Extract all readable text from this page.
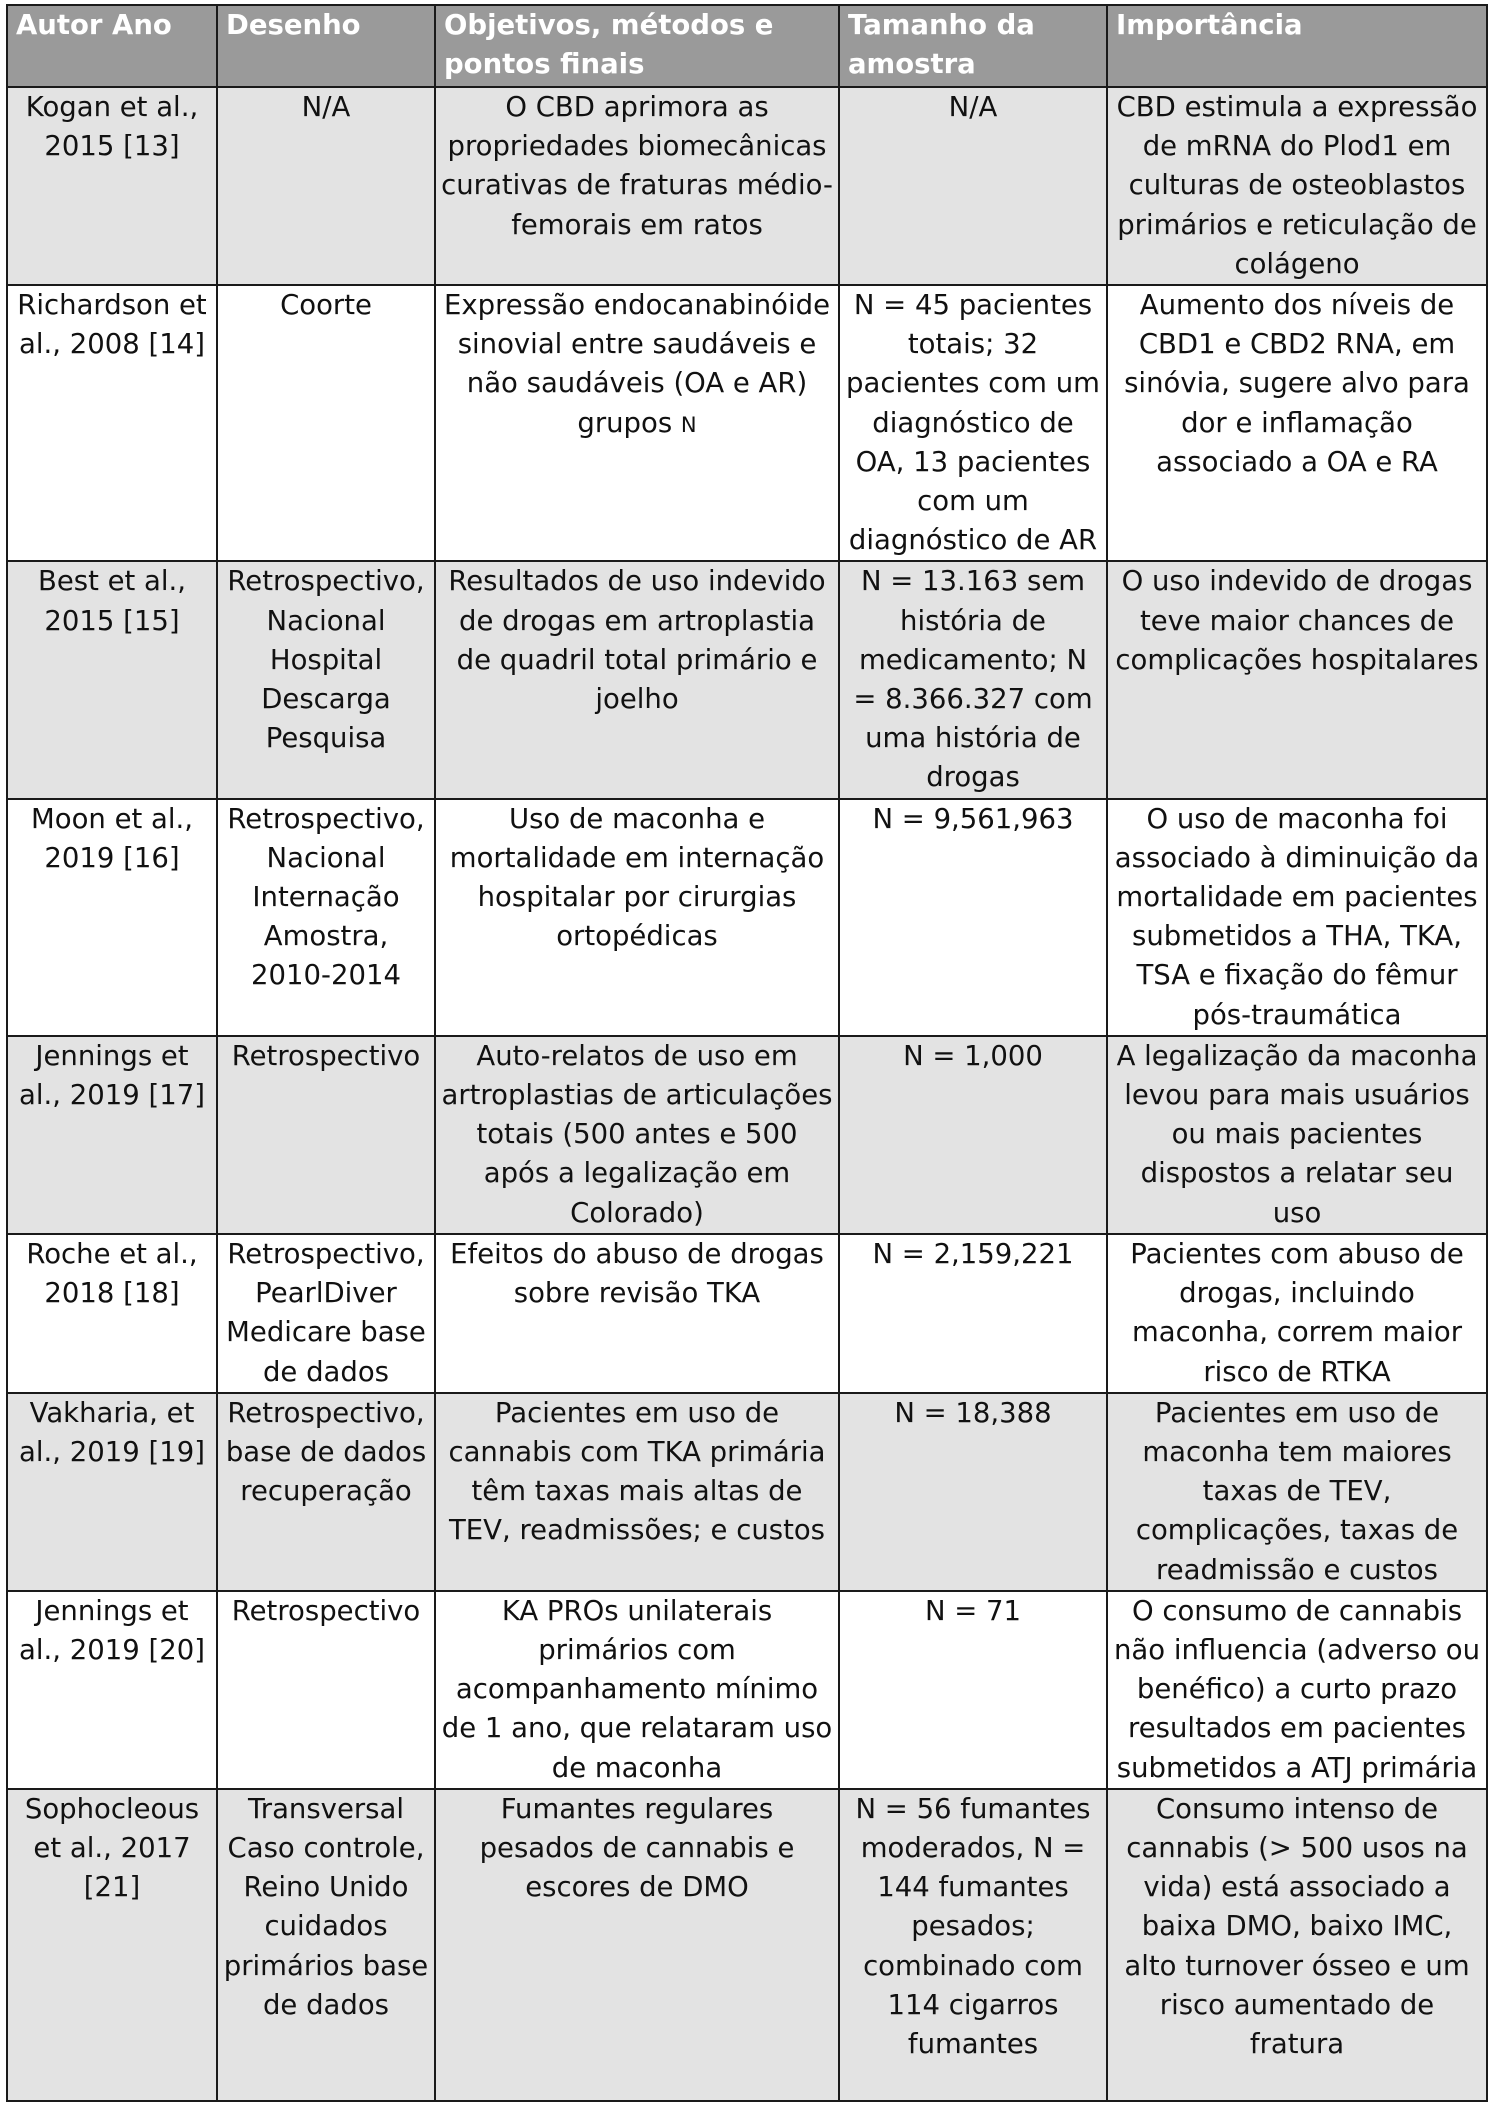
Autor Ano	Desenho	Objetivos, métodos e pontos finais	Tamanho da amostra	Importância
Kogan et al., 2015 [13]	N/A	O CBD aprimora as propriedades biomecânicas curativas de fraturas médio-femorais em ratos	N/A	CBD estimula a expressão de mRNA do Plod1 em culturas de osteoblastos primários e reticulação de colágeno
Richardson et al., 2008 [14]	Coorte	Expressão endocanabinóide sinovial entre saudáveis e não saudáveis (OA e AR) grupos N	N = 45 pacientes totais; 32 pacientes com um diagnóstico de OA, 13 pacientes com um diagnóstico de AR	Aumento dos níveis de CBD1 e CBD2 RNA, em sinóvia, sugere alvo para dor e inflamação associado a OA e RA
Best et al., 2015 [15]	Retrospectivo, Nacional Hospital Descarga Pesquisa	Resultados de uso indevido de drogas em artroplastia de quadril total primário e joelho	N = 13.163 sem história de medicamento; N = 8.366.327 com uma história de drogas	O uso indevido de drogas teve maior chances de complicações hospitalares
Moon et al., 2019 [16]	Retrospectivo, Nacional Internação Amostra, 2010-2014	Uso de maconha e mortalidade em internação hospitalar por cirurgias ortopédicas	N = 9,561,963	O uso de maconha foi associado à diminuição da mortalidade em pacientes submetidos a THA, TKA, TSA e fixação do fêmur pós-traumática
Jennings et al., 2019 [17]	Retrospectivo	Auto-relatos de uso em artroplastias de articulações totais (500 antes e 500 após a legalização em Colorado)	N = 1,000	A legalização da maconha levou para mais usuários ou mais pacientes dispostos a relatar seu uso
Roche et al., 2018 [18]	Retrospectivo, PearlDiver Medicare base de dados	Efeitos do abuso de drogas sobre revisão TKA	N = 2,159,221	Pacientes com abuso de drogas, incluindo maconha, correm maior risco de RTKA
Vakharia, et al., 2019 [19]	Retrospectivo, base de dados recuperação	Pacientes em uso de cannabis com TKA primária têm taxas mais altas de TEV, readmissões; e custos	N = 18,388	Pacientes em uso de maconha tem maiores taxas de TEV, complicações, taxas de readmissão e custos
Jennings et al., 2019 [20]	Retrospectivo	KA PROs unilaterais primários com acompanhamento mínimo de 1 ano, que relataram uso de maconha	N = 71	O consumo de cannabis não influencia (adverso ou benéfico) a curto prazo resultados em pacientes submetidos a ATJ primária
Sophocleous et al., 2017 [21]	Transversal Caso controle, Reino Unido cuidados primários base de dados	Fumantes regulares pesados de cannabis e escores de DMO	N = 56 fumantes moderados, N = 144 fumantes pesados; combinado com 114 cigarros fumantes	Consumo intenso de cannabis (> 500 usos na vida) está associado a baixa DMO, baixo IMC, alto turnover ósseo e um risco aumentado de fratura
